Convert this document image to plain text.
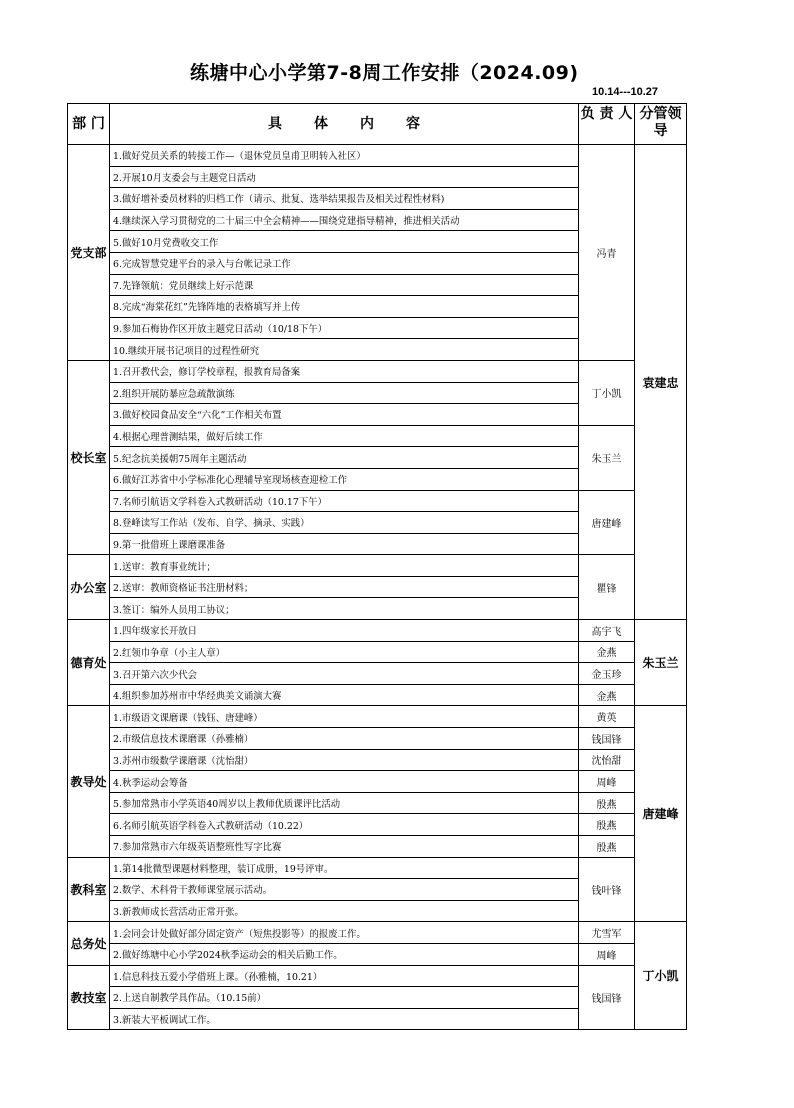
练塘中心小学第7-8周工作安排（2024.09)
10.14---10.27
部 门	具 体 内 容	负 责 人	分管领导
党支部	1.做好党员关系的转接工作—（退休党员皇甫卫明转入社区）	冯青	袁建忠
	2.开展10月支委会与主题党日活动		
	3.做好增补委员材料的归档工作（请示、批复、选举结果报告及相关过程性材料)		
	4.继续深入学习贯彻党的二十届三中全会精神——围绕党建指导精神，推进相关活动		
	5.做好10月党费收交工作		
	6.完成智慧党建平台的录入与台帐记录工作		
	7.先锋领航：党员继续上好示范课		
	8.完成“海棠花红”先锋阵地的表格填写并上传		
	9.参加石梅协作区开放主题党日活动（10/18下午）		
	10.继续开展书记项目的过程性研究		
校长室	1.召开教代会，修订学校章程，报教育局备案	丁小凯	
	2.组织开展防暴应急疏散演练		
	3.做好校园食品安全“六化”工作相关布置		
	4.根据心理普测结果，做好后续工作	朱玉兰	
	5.纪念抗美援朝75周年主题活动		
	6.做好江苏省中小学标准化心理辅导室现场核查迎检工作		
	7.名师引航语文学科卷入式教研活动（10.17下午）	唐建峰	
	8.登峰读写工作站（发布、自学、摘录、实践）		
	9.第一批借班上课磨课准备		
办公室	1.送审：教育事业统计；	瞿锋	
	2.送审：教师资格证书注册材料；		
	3.签订：编外人员用工协议；		
德育处	1.四年级家长开放日	高宇飞	朱玉兰
	2.红领巾争章（小主人章）	金燕	
	3.召开第六次少代会	金玉珍	
	4.组织参加苏州市中华经典美文诵演大赛	金燕	
教导处	1.市级语文课磨课（钱钰、唐建峰）	黄英	唐建峰
	2.市级信息技术课磨课（孙雅楠）	钱国锋	
	3.苏州市级数学课磨课（沈怡甜）	沈怡甜	
	4.秋季运动会筹备	周峰	
	5.参加常熟市小学英语40周岁以上教师优质课评比活动	殷燕	
	6.名师引航英语学科卷入式教研活动（10.22）	殷燕	
	7.参加常熟市六年级英语整班性写字比赛	殷燕	
教科室	1.第14批微型课题材料整理，装订成册，19号评审。	钱叶锋	
	2.数学、术科骨干教师课堂展示活动。		
	3.新教师成长营活动正常开张。		
总务处	1.会同会计处做好部分固定资产（短焦投影等）的报废工作。	尤雪军	丁小凯
	2.做好练塘中心小学2024秋季运动会的相关后勤工作。	周峰	
教技室	1.信息科技五爱小学借班上课。（孙雅楠，10.21）	钱国锋	
	2.上送自制教学具作品。（10.15前）		
	3.新装大平板调试工作。		
